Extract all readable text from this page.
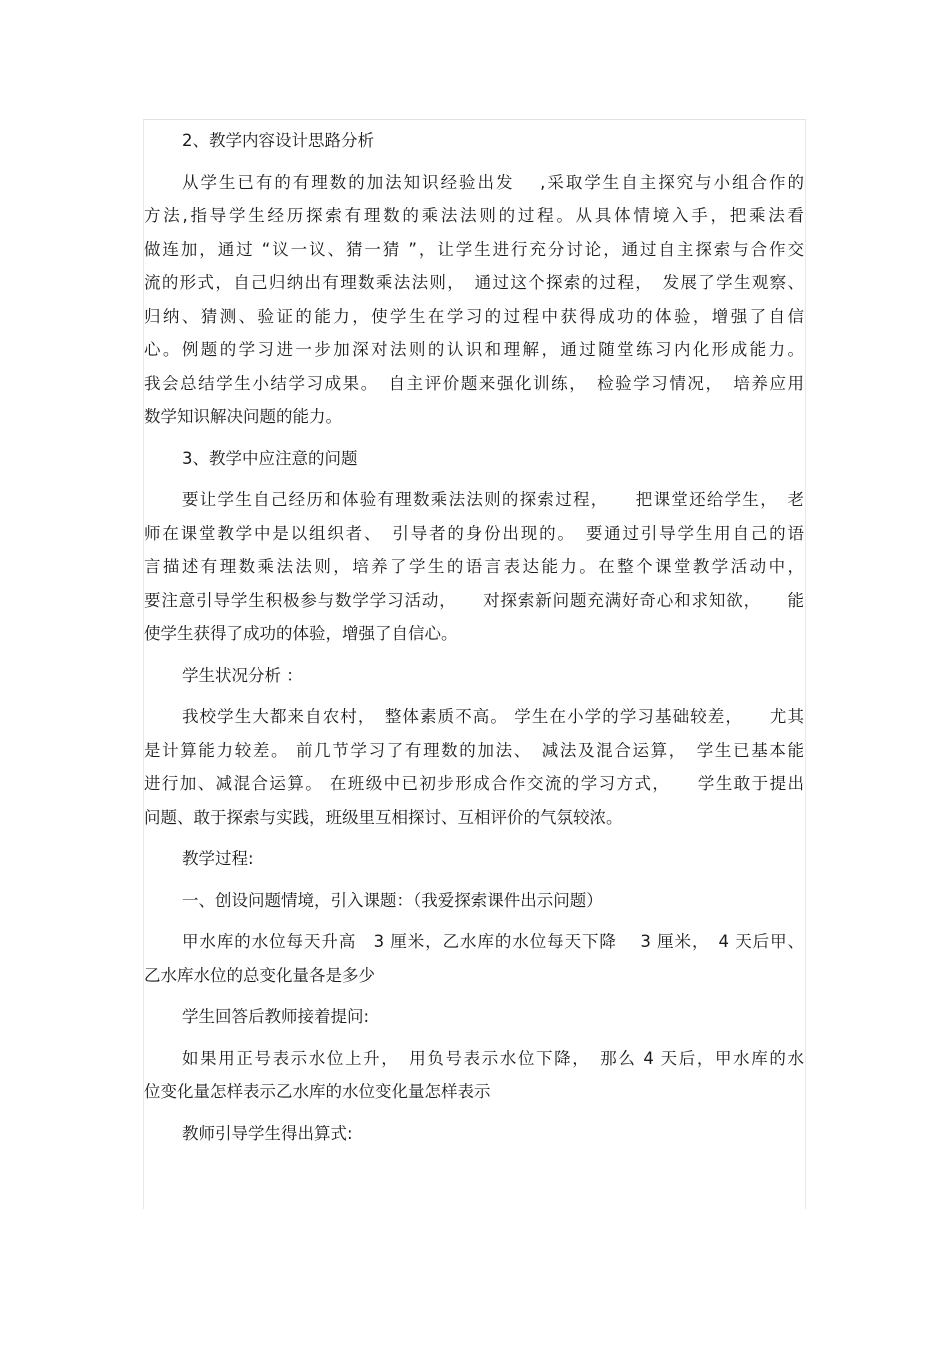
2、教学内容设计思路分析

从学生已有的有理数的加法知识经验出发　 ,采取学生自主探究与小组合作的
方法,指导学生经历探索有理数的乘法法则的过程。从具体情境入手，把乘法看
做连加，通过 “议一议、猜一猜 ”，让学生进行充分讨论，通过自主探索与合作交
流的形式，自己归纳出有理数乘法法则，　通过这个探索的过程，　发展了学生观察、
归纳、猜测、验证的能力，使学生在学习的过程中获得成功的体验，增强了自信
心。例题的学习进一步加深对法则的认识和理解，通过随堂练习内化形成能力。
我会总结学生小结学习成果。　自主评价题来强化训练，　检验学习情况，　培养应用
数学知识解决问题的能力。

3、教学中应注意的问题

要让学生自己经历和体验有理数乘法法则的探索过程，　　把课堂还给学生，　老
师在课堂教学中是以组织者、　引导者的身份出现的。　要通过引导学生用自己的语
言描述有理数乘法法则，培养了学生的语言表达能力。在整个课堂教学活动中，
要注意引导学生积极参与数学学习活动，　　对探索新问题充满好奇心和求知欲，　　能
使学生获得了成功的体验，增强了自信心。

学生状况分析 ：

我校学生大都来自农村，　整体素质不高。 学生在小学的学习基础较差，　　尤其
是计算能力较差。 前几节学习了有理数的加法、　减法及混合运算，　学生已基本能
进行加、减混合运算。 在班级中已初步形成合作交流的学习方式，　　学生敢于提出
问题、敢于探索与实践，班级里互相探讨、互相评价的气氛较浓。

教学过程:

一、创设问题情境，引入课题：（我爱探索课件出示问题）

甲水库的水位每天升高　3 厘米，乙水库的水位每天下降　 3 厘米，　4 天后甲、
乙水库水位的总变化量各是多少

学生回答后教师接着提问:

如果用正号表示水位上升，　用负号表示水位下降，　那么 4 天后，甲水库的水
位变化量怎样表示乙水库的水位变化量怎样表示

教师引导学生得出算式:
